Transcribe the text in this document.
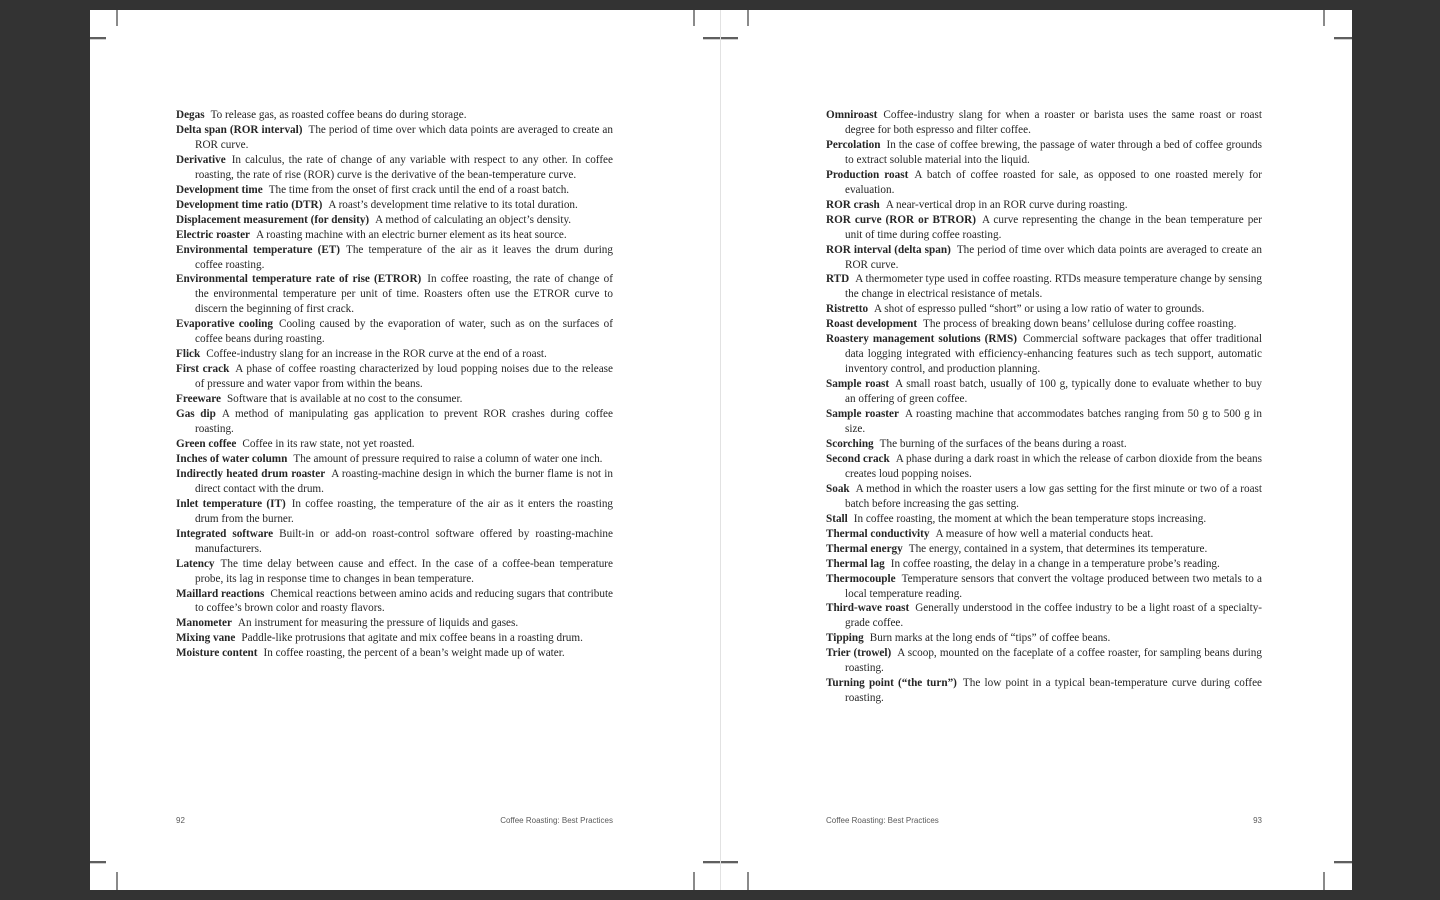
Degas To release gas, as roasted coffee beans do during storage.

Delta span (ROR interval) The period of time over which data points are averaged to create an ROR curve.

Derivative In calculus, the rate of change of any variable with respect to any other. In coffee roasting, the rate of rise (ROR) curve is the derivative of the bean-temperature curve.

Development time The time from the onset of first crack until the end of a roast batch.

Development time ratio (DTR) A roast’s development time relative to its total duration.

Displacement measurement (for density) A method of calculating an object’s density.

Electric roaster A roasting machine with an electric burner element as its heat source.

Environmental temperature (ET) The temperature of the air as it leaves the drum during coffee roasting.

Environmental temperature rate of rise (ETROR) In coffee roasting, the rate of change of the environmental temperature per unit of time. Roasters often use the ETROR curve to discern the beginning of first crack.

Evaporative cooling Cooling caused by the evaporation of water, such as on the surfaces of coffee beans during roasting.

Flick Coffee-industry slang for an increase in the ROR curve at the end of a roast.

First crack A phase of coffee roasting characterized by loud popping noises due to the release of pressure and water vapor from within the beans.

Freeware Software that is available at no cost to the consumer.

Gas dip A method of manipulating gas application to prevent ROR crashes during coffee roasting.

Green coffee Coffee in its raw state, not yet roasted.

Inches of water column The amount of pressure required to raise a column of water one inch.

Indirectly heated drum roaster A roasting-machine design in which the burner flame is not in direct contact with the drum.

Inlet temperature (IT) In coffee roasting, the temperature of the air as it enters the roasting drum from the burner.

Integrated software Built-in or add-on roast-control software offered by roasting-machine manufacturers.

Latency The time delay between cause and effect. In the case of a coffee-bean temperature probe, its lag in response time to changes in bean temperature.

Maillard reactions Chemical reactions between amino acids and reducing sugars that contribute to coffee’s brown color and roasty flavors.

Manometer An instrument for measuring the pressure of liquids and gases.

Mixing vane Paddle-like protrusions that agitate and mix coffee beans in a roasting drum.

Moisture content In coffee roasting, the percent of a bean’s weight made up of water.

92	Coffee Roasting: Best Practices

Omniroast Coffee-industry slang for when a roaster or barista uses the same roast or roast degree for both espresso and filter coffee.

Percolation In the case of coffee brewing, the passage of water through a bed of coffee grounds to extract soluble material into the liquid.

Production roast A batch of coffee roasted for sale, as opposed to one roasted merely for evaluation.

ROR crash A near-vertical drop in an ROR curve during roasting.

ROR curve (ROR or BTROR) A curve representing the change in the bean temperature per unit of time during coffee roasting.

ROR interval (delta span) The period of time over which data points are averaged to create an ROR curve.

RTD A thermometer type used in coffee roasting. RTDs measure temperature change by sensing the change in electrical resistance of metals.

Ristretto A shot of espresso pulled “short” or using a low ratio of water to grounds.

Roast development The process of breaking down beans’ cellulose during coffee roasting.

Roastery management solutions (RMS) Commercial software packages that offer traditional data logging integrated with efficiency-enhancing features such as tech support, automatic inventory control, and production planning.

Sample roast A small roast batch, usually of 100 g, typically done to evaluate whether to buy an offering of green coffee.

Sample roaster A roasting machine that accommodates batches ranging from 50 g to 500 g in size.

Scorching The burning of the surfaces of the beans during a roast.

Second crack A phase during a dark roast in which the release of carbon dioxide from the beans creates loud popping noises.

Soak A method in which the roaster users a low gas setting for the first minute or two of a roast batch before increasing the gas setting.

Stall In coffee roasting, the moment at which the bean temperature stops increasing.

Thermal conductivity A measure of how well a material conducts heat.

Thermal energy The energy, contained in a system, that determines its temperature.

Thermal lag In coffee roasting, the delay in a change in a temperature probe’s reading.

Thermocouple Temperature sensors that convert the voltage produced between two metals to a local temperature reading.

Third-wave roast Generally understood in the coffee industry to be a light roast of a specialty-grade coffee.

Tipping Burn marks at the long ends of “tips” of coffee beans.

Trier (trowel) A scoop, mounted on the faceplate of a coffee roaster, for sampling beans during roasting.

Turning point (“the turn”) The low point in a typical bean-temperature curve during coffee roasting.

Coffee Roasting: Best Practices	93
